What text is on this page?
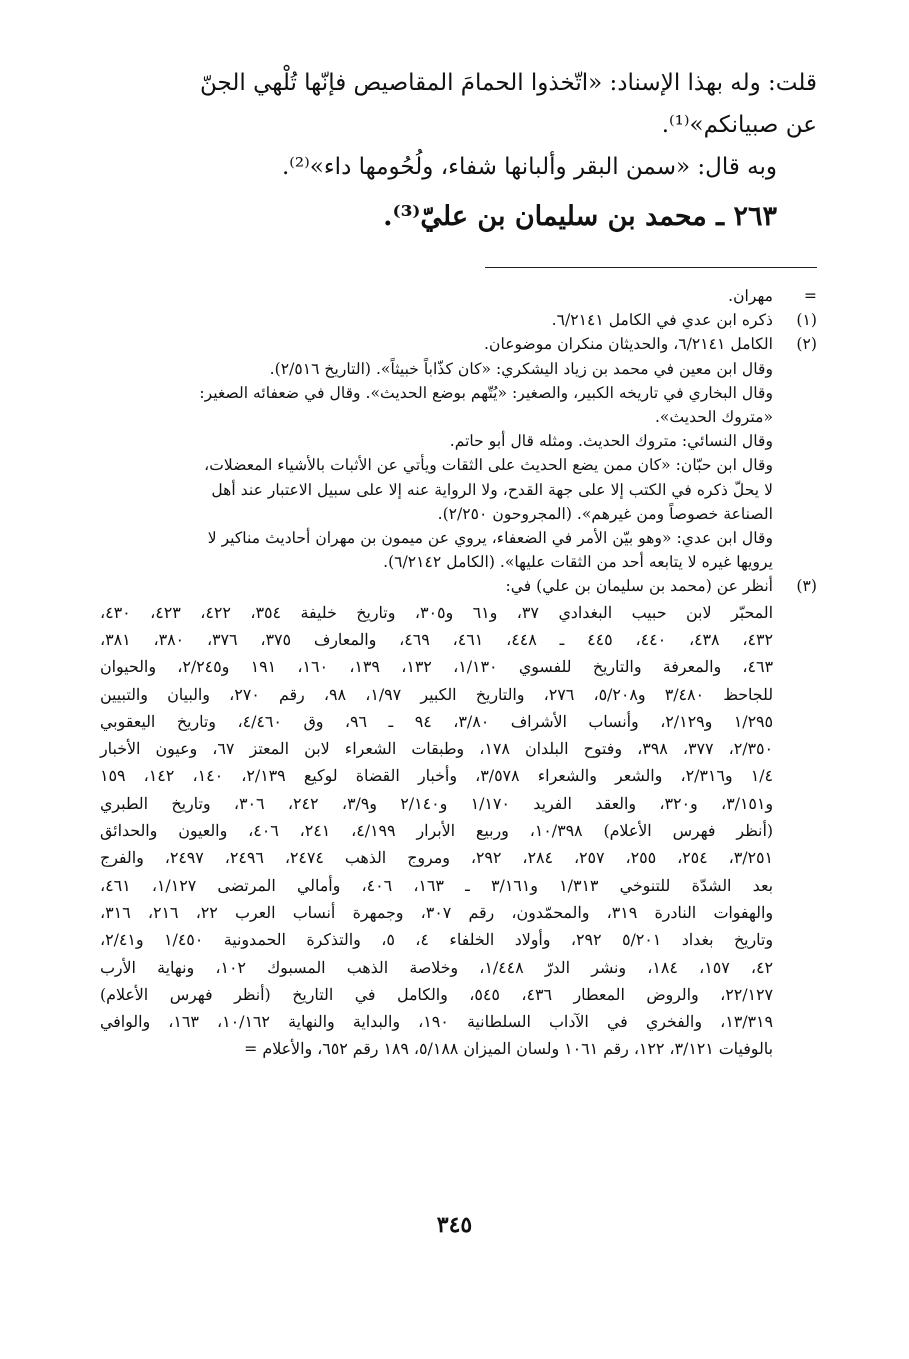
قلت: وله بهذا الإسناد: «اتّخذوا الحمامَ المقاصيص فإنّها تُلْهي الجنّ

عن صبيانكم»⁽¹⁾.

وبه قال: «سمن البقر وألبانها شفاء، ولُحُومها داء»⁽²⁾.

٢٦٣ ـ محمد بن سليمان بن عليّ⁽³⁾.

=مهران.

(١)ذكره ابن عدي في الكامل ٦/٢١٤١.

(٢)الكامل ٦/٢١٤١، والحديثان منكران موضوعان.

وقال ابن معين في محمد بن زياد اليشكري: «كان كذّاباً خبيثاً». (التاريخ ٢/٥١٦).

وقال البخاري في تاريخه الكبير، والصغير: «يُتّهم بوضع الحديث». وقال في ضعفائه الصغير:

«متروك الحديث».

وقال النسائي: متروك الحديث. ومثله قال أبو حاتم.

وقال ابن حبّان: «كان ممن يضع الحديث على الثقات ويأتي عن الأثبات بالأشياء المعضلات،

لا يحلّ ذكره في الكتب إلا على جهة القدح، ولا الرواية عنه إلا على سبيل الاعتبار عند أهل

الصناعة خصوصاً ومن غيرهم». (المجروحون ٢/٢٥٠).

وقال ابن عدي: «وهو بيّن الأمر في الضعفاء، يروي عن ميمون بن مهران أحاديث مناكير لا

يرويها غيره لا يتابعه أحد من الثقات عليها». (الكامل ٦/٢١٤٢).

(٣)أنظر عن (محمد بن سليمان بن علي) في:

المحبّر لابن حبيب البغدادي ٣٧، و٦١ و٣٠٥، وتاريخ خليفة ٣٥٤، ٤٢٢، ٤٢٣، ٤٣٠،

٤٣٢، ٤٣٨، ٤٤٠، ٤٤٥ ـ ٤٤٨، ٤٦١، ٤٦٩، والمعارف ٣٧٥، ٣٧٦، ٣٨٠، ٣٨١،

٤٦٣، والمعرفة والتاريخ للفسوي ١/١٣٠، ١٣٢، ١٣٩، ١٦٠، ١٩١ و٢/٢٤٥، والحيوان

للجاحظ ٣/٤٨٠ و٥/٢٠٨، ٢٧٦، والتاريخ الكبير ١/٩٧، ٩٨، رقم ٢٧٠، والبيان والتبيين

١/٢٩٥ و٢/١٢٩، وأنساب الأشراف ٣/٨٠، ٩٤ ـ ٩٦، وق ٤/٤٦٠، وتاريخ اليعقوبي

٢/٣٥٠، ٣٧٧، ٣٩٨، وفتوح البلدان ١٧٨، وطبقات الشعراء لابن المعتز ٦٧، وعيون الأخبار

١/٤ و٢/٣١٦، والشعر والشعراء ٣/٥٧٨، وأخبار القضاة لوكيع ٢/١٣٩، ١٤٠، ١٤٢، ١٥٩

و٣/١٥١، و٣٢٠، والعقد الفريد ١/١٧٠ و٢/١٤٠ و٣/٩، ٢٤٢، ٣٠٦، وتاريخ الطبري

(أنظر فهرس الأعلام) ١٠/٣٩٨، وربيع الأبرار ٤/١٩٩، ٢٤١، ٤٠٦، والعيون والحدائق

٣/٢٥١، ٢٥٤، ٢٥٥، ٢٥٧، ٢٨٤، ٢٩٢، ومروج الذهب ٢٤٧٤، ٢٤٩٦، ٢٤٩٧، والفرج

بعد الشدّة للتنوخي ١/٣١٣ و٣/١٦١ ـ ١٦٣، ٤٠٦، وأمالي المرتضى ١/١٢٧، ٤٦١،

والهفوات النادرة ٣١٩، والمحمّدون، رقم ٣٠٧، وجمهرة أنساب العرب ٢٢، ٢١٦، ٣١٦،

وتاريخ بغداد ٥/٢٠١ ٢٩٢، وأولاد الخلفاء ٤، ٥، والتذكرة الحمدونية ١/٤٥٠ و٢/٤١،

٤٢، ١٥٧، ١٨٤، ونشر الدرّ ١/٤٤٨، وخلاصة الذهب المسبوك ١٠٢، ونهاية الأرب

٢٢/١٢٧، والروض المعطار ٤٣٦، ٥٤٥، والكامل في التاريخ (أنظر فهرس الأعلام)

١٣/٣١٩، والفخري في الآداب السلطانية ١٩٠، والبداية والنهاية ١٠/١٦٢، ١٦٣، والوافي

بالوفيات ٣/١٢١، ١٢٢، رقم ١٠٦١ ولسان الميزان ٥/١٨٨، ١٨٩ رقم ٦٥٢، والأعلام =

٣٤٥
